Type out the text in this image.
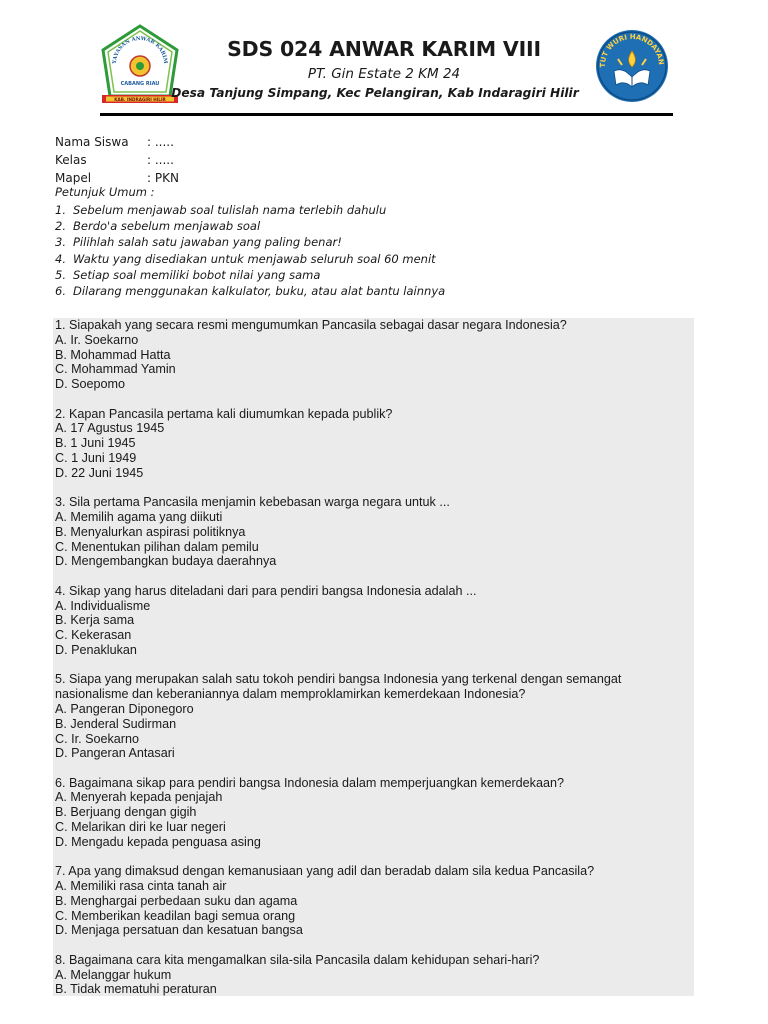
YAYASAN ANWAR KARIM
CABANG RIAU
KAB. INDRAGIRI HILIR
SDS 024 ANWAR KARIM VIII
PT. Gin Estate 2 KM 24
Desa Tanjung Simpang, Kec Pelangiran, Kab Indaragiri Hilir
TUT WURI HANDAYAN
Nama Siswa	: .....
Kelas	: .....
Mapel	: PKN
Petunjuk Umum :
1. Sebelum menjawab soal tulislah nama terlebih dahulu
2. Berdo'a sebelum menjawab soal
3. Pilihlah salah satu jawaban yang paling benar!
4. Waktu yang disediakan untuk menjawab seluruh soal 60 menit
5. Setiap soal memiliki bobot nilai yang sama
6. Dilarang menggunakan kalkulator, buku, atau alat bantu lainnya
1. Siapakah yang secara resmi mengumumkan Pancasila sebagai dasar negara Indonesia?
A. Ir. Soekarno
B. Mohammad Hatta
C. Mohammad Yamin
D. Soepomo
2. Kapan Pancasila pertama kali diumumkan kepada publik?
A. 17 Agustus 1945
B. 1 Juni 1945
C. 1 Juni 1949
D. 22 Juni 1945
3. Sila pertama Pancasila menjamin kebebasan warga negara untuk ...
A. Memilih agama yang diikuti
B. Menyalurkan aspirasi politiknya
C. Menentukan pilihan dalam pemilu
D. Mengembangkan budaya daerahnya
4. Sikap yang harus diteladani dari para pendiri bangsa Indonesia adalah ...
A. Individualisme
B. Kerja sama
C. Kekerasan
D. Penaklukan
5. Siapa yang merupakan salah satu tokoh pendiri bangsa Indonesia yang terkenal dengan semangat nasionalisme dan keberaniannya dalam memproklamirkan kemerdekaan Indonesia?
A. Pangeran Diponegoro
B. Jenderal Sudirman
C. Ir. Soekarno
D. Pangeran Antasari
6. Bagaimana sikap para pendiri bangsa Indonesia dalam memperjuangkan kemerdekaan?
A. Menyerah kepada penjajah
B. Berjuang dengan gigih
C. Melarikan diri ke luar negeri
D. Mengadu kepada penguasa asing
7. Apa yang dimaksud dengan kemanusiaan yang adil dan beradab dalam sila kedua Pancasila?
A. Memiliki rasa cinta tanah air
B. Menghargai perbedaan suku dan agama
C. Memberikan keadilan bagi semua orang
D. Menjaga persatuan dan kesatuan bangsa
8. Bagaimana cara kita mengamalkan sila-sila Pancasila dalam kehidupan sehari-hari?
A. Melanggar hukum
B. Tidak mematuhi peraturan
